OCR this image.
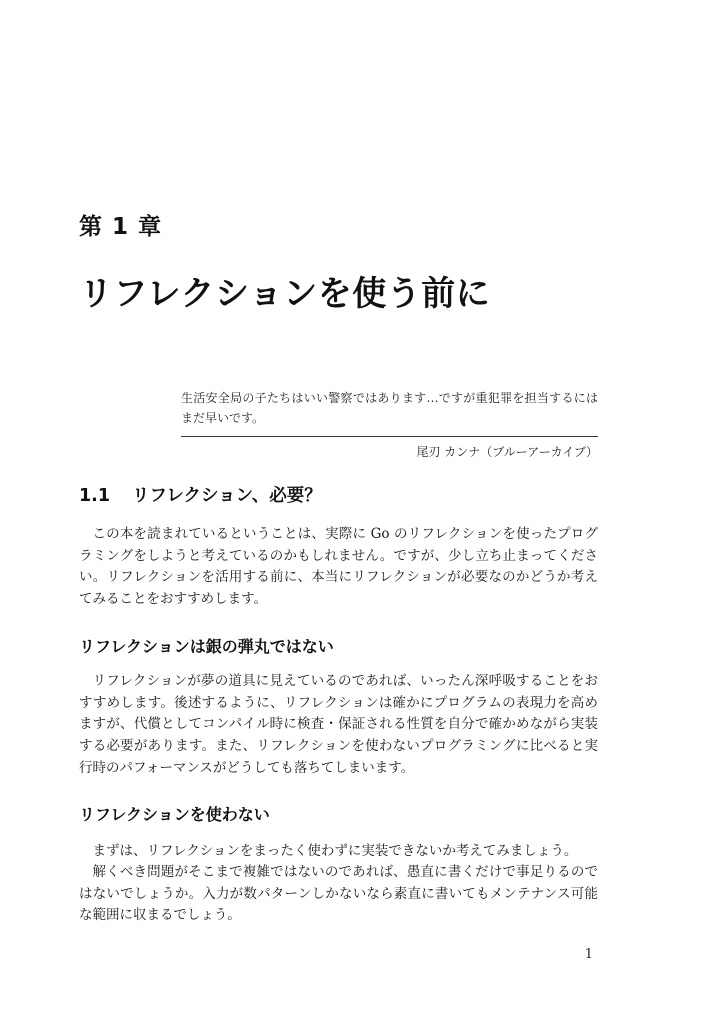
第 1 章
リフレクションを使う前に

生活安全局の子たちはいい警察ではあります…ですが重犯罪を担当するにはまだ早いです。

尾刃 カンナ（ブルーアーカイブ）

1.1 リフレクション、必要？

この本を読まれているということは、実際に Go のリフレクションを使ったプログラミングをしようと考えているのかもしれません。ですが、少し立ち止まってください。リフレクションを活用する前に、本当にリフレクションが必要なのかどうか考えてみることをおすすめします。

リフレクションは銀の弾丸ではない

リフレクションが夢の道具に見えているのであれば、いったん深呼吸することをおすすめします。後述するように、リフレクションは確かにプログラムの表現力を高めますが、代償としてコンパイル時に検査・保証される性質を自分で確かめながら実装する必要があります。また、リフレクションを使わないプログラミングに比べると実行時のパフォーマンスがどうしても落ちてしまいます。

リフレクションを使わない

まずは、リフレクションをまったく使わずに実装できないか考えてみましょう。

解くべき問題がそこまで複雑ではないのであれば、愚直に書くだけで事足りるのではないでしょうか。入力が数パターンしかないなら素直に書いてもメンテナンス可能な範囲に収まるでしょう。

1
